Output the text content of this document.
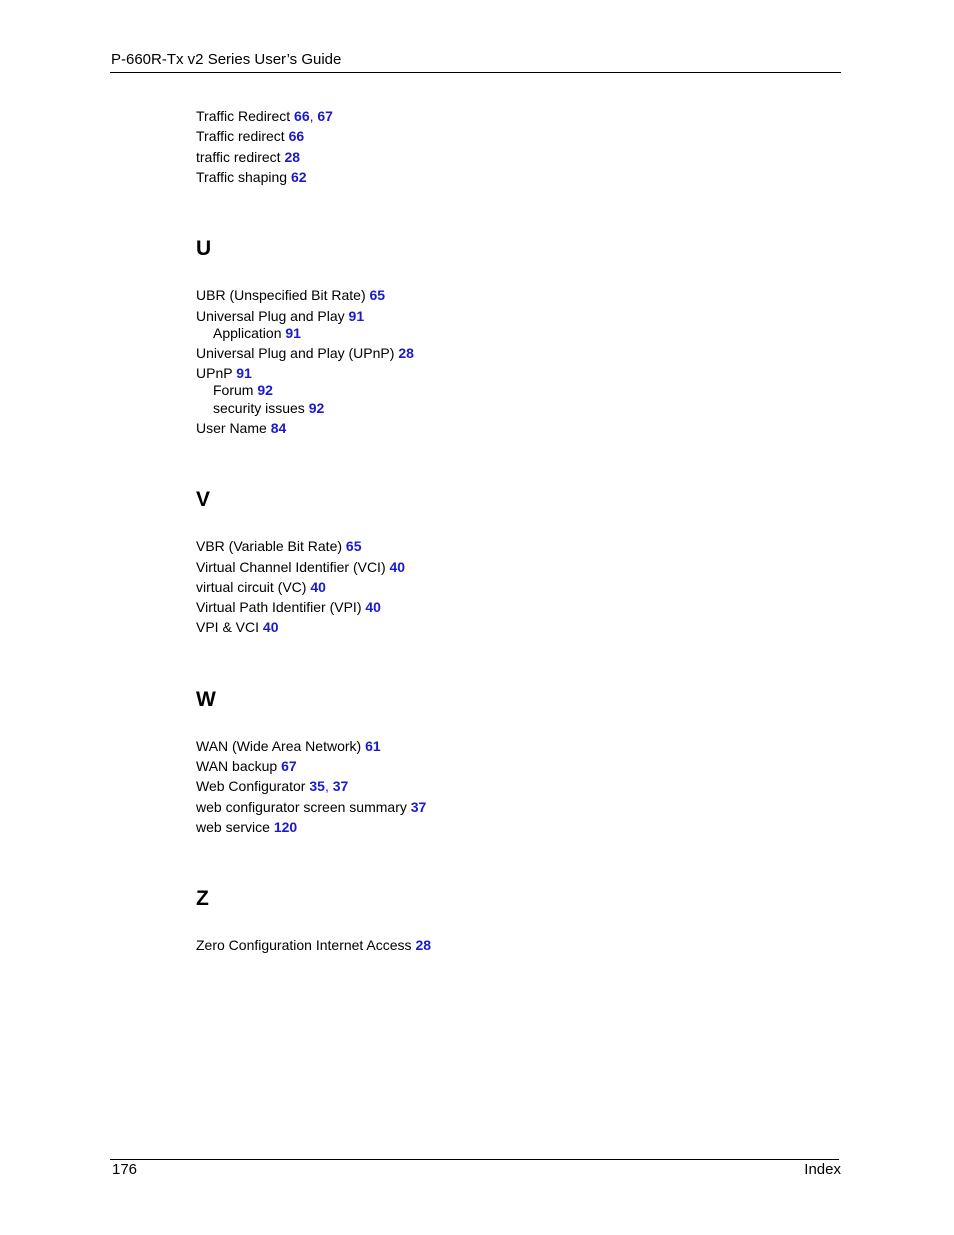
P-660R-Tx v2 Series User’s Guide
Traffic Redirect 66, 67
Traffic redirect 66
traffic redirect 28
Traffic shaping 62
U
UBR (Unspecified Bit Rate) 65
Universal Plug and Play 91
Application 91
Universal Plug and Play (UPnP) 28
UPnP 91
Forum 92
security issues 92
User Name 84
V
VBR (Variable Bit Rate) 65
Virtual Channel Identifier (VCI) 40
virtual circuit (VC) 40
Virtual Path Identifier (VPI) 40
VPI & VCI 40
W
WAN (Wide Area Network) 61
WAN backup 67
Web Configurator 35, 37
web configurator screen summary 37
web service 120
Z
Zero Configuration Internet Access 28
176	Index
